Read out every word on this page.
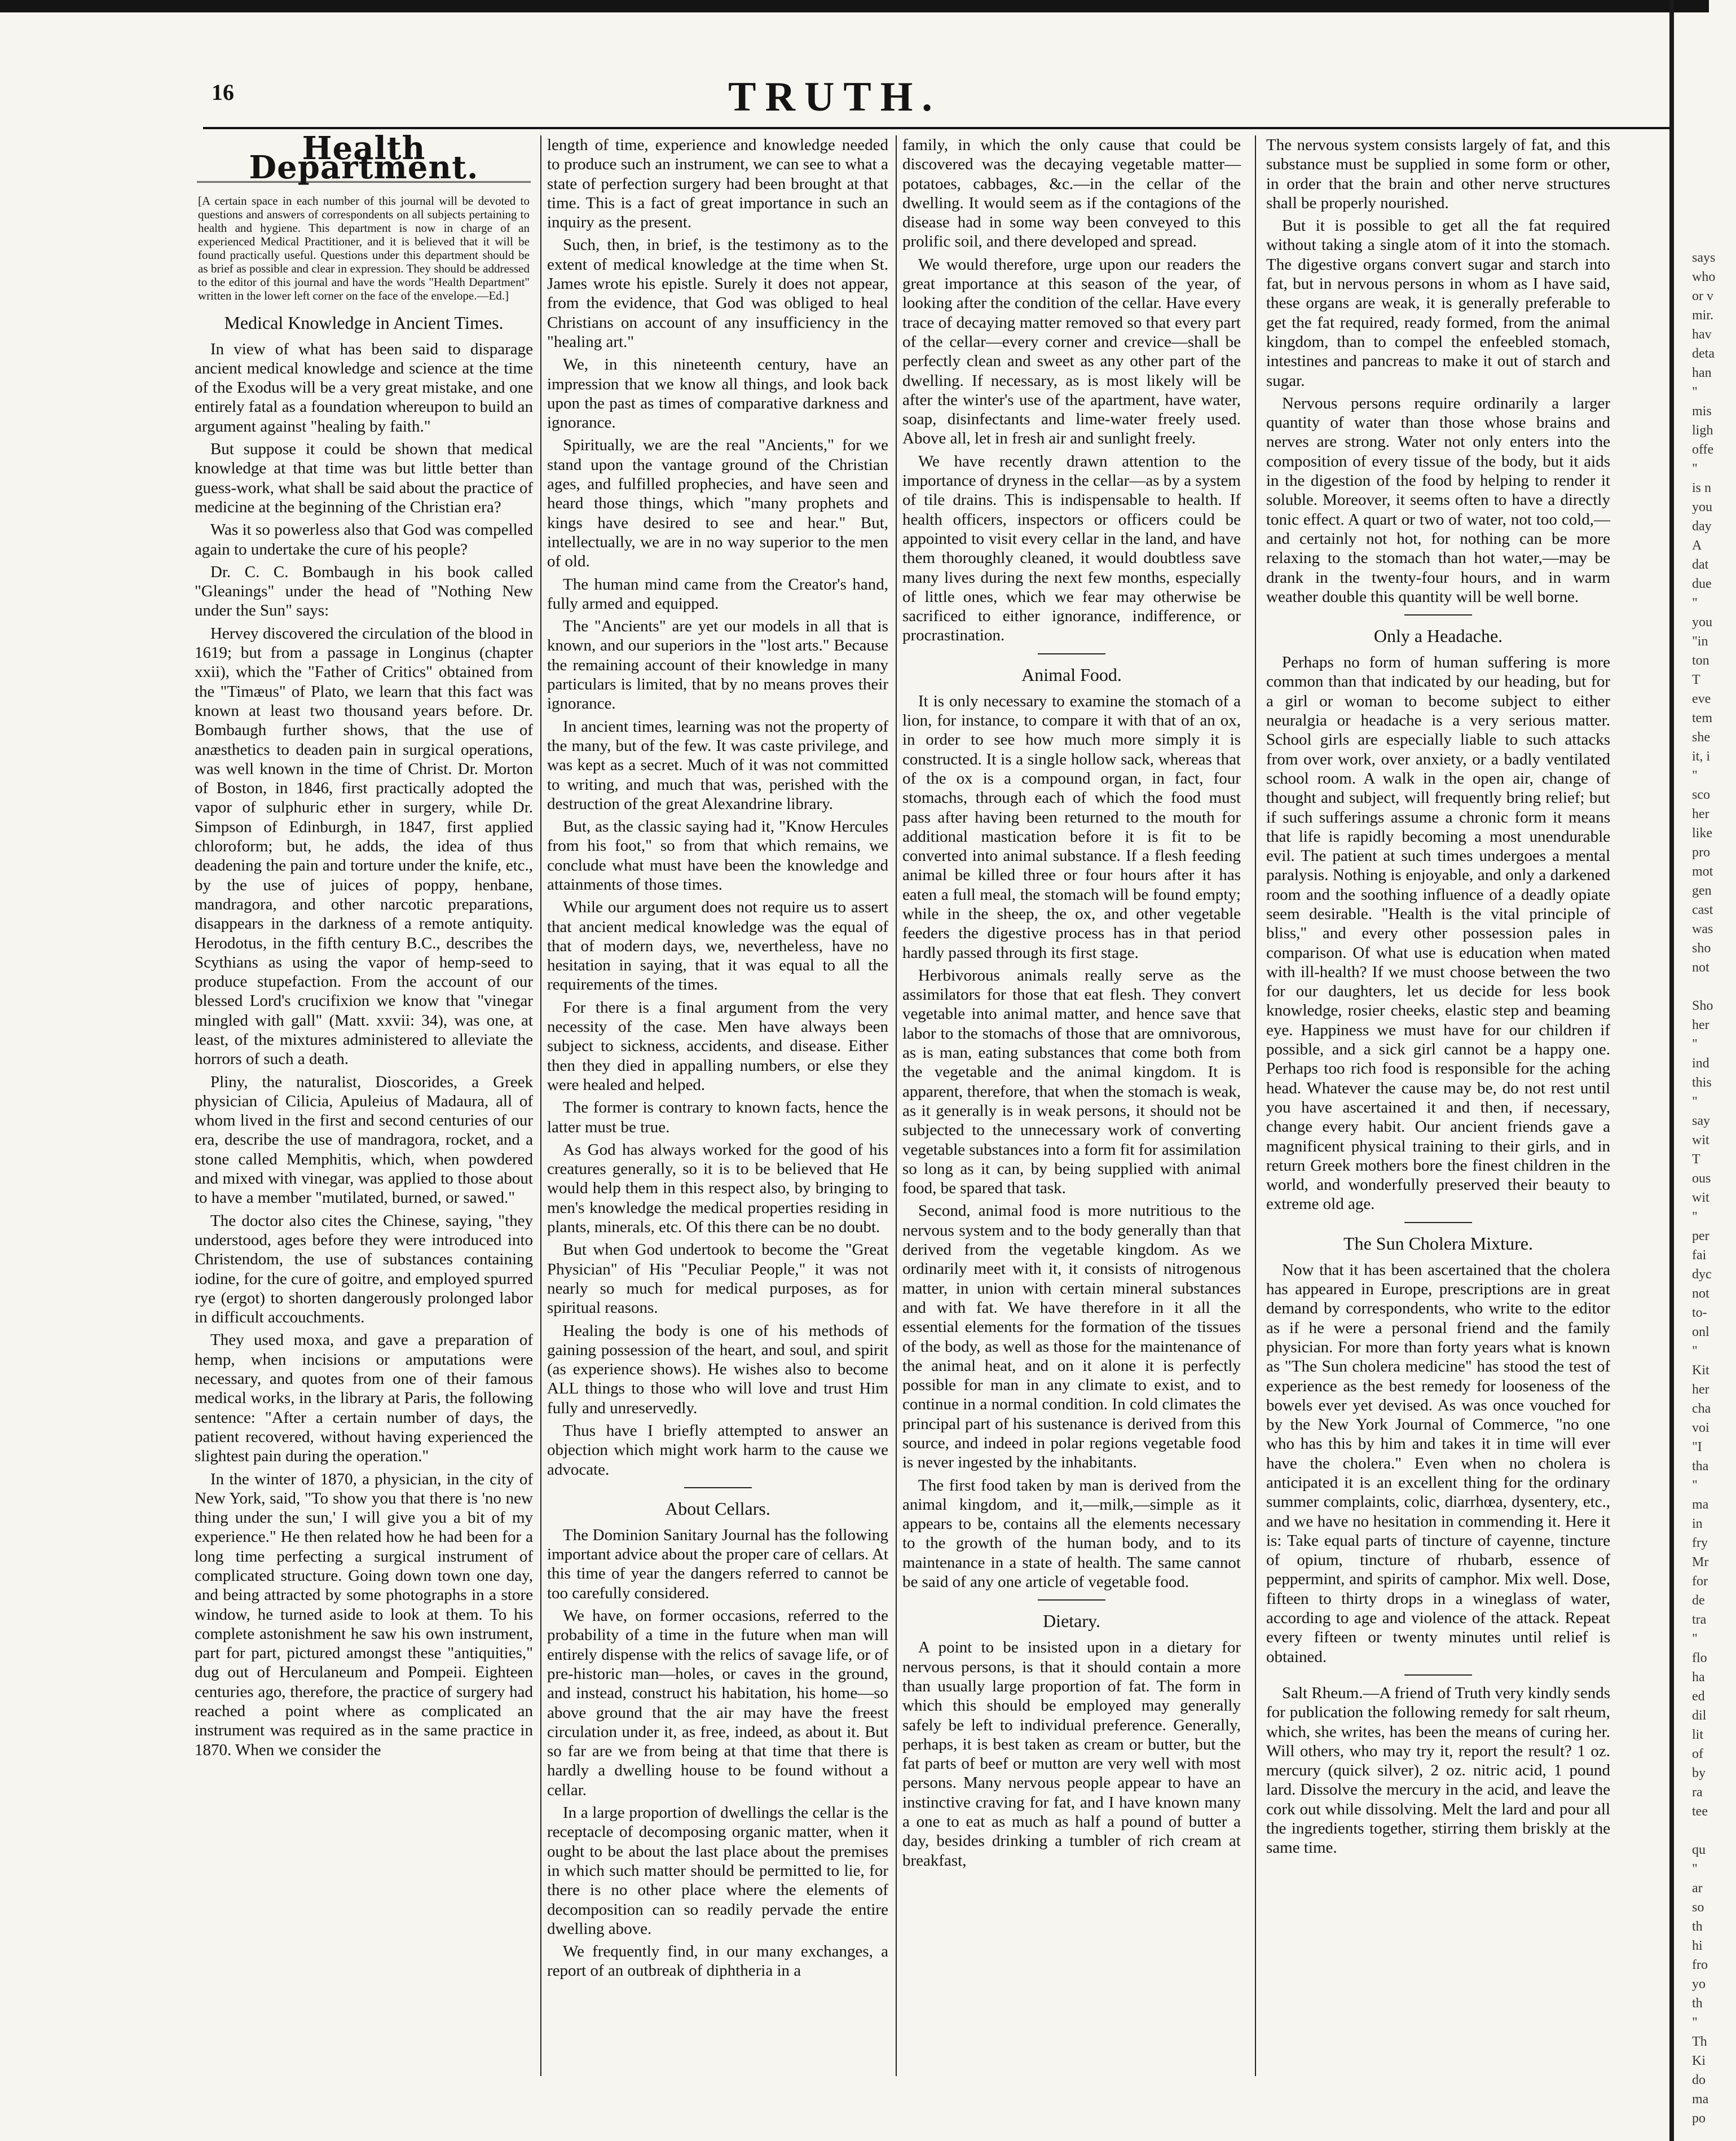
16	TRUTH.
Health Department.
[A certain space in each number of this journal will be devoted to questions and answers of correspondents on all subjects pertaining to health and hygiene. This department is now in charge of an experienced Medical Practitioner, and it is believed that it will be found practically useful. Questions under this department should be as brief as possible and clear in expression. They should be addressed to the editor of this journal and have the words "Health Department" written in the lower left corner on the face of the envelope.—Ed.]
Medical Knowledge in Ancient Times.

In view of what has been said to disparage ancient medical knowledge and science at the time of the Exodus will be a very great mistake, and one entirely fatal as a foundation whereupon to build an argument against "healing by faith."

But suppose it could be shown that medical knowledge at that time was but little better than guess-work, what shall be said about the practice of medicine at the beginning of the Christian era?

Was it so powerless also that God was compelled again to undertake the cure of his people?

Dr. C. C. Bombaugh in his book called "Gleanings" under the head of "Nothing New under the Sun" says:

Hervey discovered the circulation of the blood in 1619; but from a passage in Longinus (chapter xxii), which the "Father of Critics" obtained from the "Timæus" of Plato, we learn that this fact was known at least two thousand years before. Dr. Bombaugh further shows, that the use of anæsthetics to deaden pain in surgical operations, was well known in the time of Christ. Dr. Morton of Boston, in 1846, first practically adopted the vapor of sulphuric ether in surgery, while Dr. Simpson of Edinburgh, in 1847, first applied chloroform; but, he adds, the idea of thus deadening the pain and torture under the knife, etc., by the use of juices of poppy, henbane, mandragora, and other narcotic preparations, disappears in the darkness of a remote antiquity. Herodotus, in the fifth century B.C., describes the Scythians as using the vapor of hemp-seed to produce stupefaction. From the account of our blessed Lord's crucifixion we know that "vinegar mingled with gall" (Matt. xxvii: 34), was one, at least, of the mixtures administered to alleviate the horrors of such a death.

Pliny, the naturalist, Dioscorides, a Greek physician of Cilicia, Apuleius of Madaura, all of whom lived in the first and second centuries of our era, describe the use of mandragora, rocket, and a stone called Memphitis, which, when powdered and mixed with vinegar, was applied to those about to have a member "mutilated, burned, or sawed."

The doctor also cites the Chinese, saying, "they understood, ages before they were introduced into Christendom, the use of substances containing iodine, for the cure of goitre, and employed spurred rye (ergot) to shorten dangerously prolonged labor in difficult accouchments.

They used moxa, and gave a preparation of hemp, when incisions or amputations were necessary, and quotes from one of their famous medical works, in the library at Paris, the following sentence: "After a certain number of days, the patient recovered, without having experienced the slightest pain during the operation."

In the winter of 1870, a physician, in the city of New York, said, "To show you that there is 'no new thing under the sun,' I will give you a bit of my experience." He then related how he had been for a long time perfecting a surgical instrument of complicated structure. Going down town one day, and being attracted by some photographs in a store window, he turned aside to look at them. To his complete astonishment he saw his own instrument, part for part, pictured amongst these "antiquities," dug out of Herculaneum and Pompeii. Eighteen centuries ago, therefore, the practice of surgery had reached a point where as complicated an instrument was required as in the same practice in 1870. When we consider the

length of time, experience and knowledge needed to produce such an instrument, we can see to what a state of perfection surgery had been brought at that time. This is a fact of great importance in such an inquiry as the present.

Such, then, in brief, is the testimony as to the extent of medical knowledge at the time when St. James wrote his epistle. Surely it does not appear, from the evidence, that God was obliged to heal Christians on account of any insufficiency in the "healing art."

We, in this nineteenth century, have an impression that we know all things, and look back upon the past as times of comparative darkness and ignorance.

Spiritually, we are the real "Ancients," for we stand upon the vantage ground of the Christian ages, and fulfilled prophecies, and have seen and heard those things, which "many prophets and kings have desired to see and hear." But, intellectually, we are in no way superior to the men of old.

The human mind came from the Creator's hand, fully armed and equipped.

The "Ancients" are yet our models in all that is known, and our superiors in the "lost arts." Because the remaining account of their knowledge in many particulars is limited, that by no means proves their ignorance.

In ancient times, learning was not the property of the many, but of the few. It was caste privilege, and was kept as a secret. Much of it was not committed to writing, and much that was, perished with the destruction of the great Alexandrine library.

But, as the classic saying had it, "Know Hercules from his foot," so from that which remains, we conclude what must have been the knowledge and attainments of those times.

While our argument does not require us to assert that ancient medical knowledge was the equal of that of modern days, we, nevertheless, have no hesitation in saying, that it was equal to all the requirements of the times.

For there is a final argument from the very necessity of the case. Men have always been subject to sickness, accidents, and disease. Either then they died in appalling numbers, or else they were healed and helped.

The former is contrary to known facts, hence the latter must be true.

As God has always worked for the good of his creatures generally, so it is to be believed that He would help them in this respect also, by bringing to men's knowledge the medical properties residing in plants, minerals, etc. Of this there can be no doubt.

But when God undertook to become the "Great Physician" of His "Peculiar People," it was not nearly so much for medical purposes, as for spiritual reasons.

Healing the body is one of his methods of gaining possession of the heart, and soul, and spirit (as experience shows). He wishes also to become ALL things to those who will love and trust Him fully and unreservedly.

Thus have I briefly attempted to answer an objection which might work harm to the cause we advocate.

About Cellars.

The Dominion Sanitary Journal has the following important advice about the proper care of cellars. At this time of year the dangers referred to cannot be too carefully considered.

We have, on former occasions, referred to the probability of a time in the future when man will entirely dispense with the relics of savage life, or of pre-historic man—holes, or caves in the ground, and instead, construct his habitation, his home—so above ground that the air may have the freest circulation under it, as free, indeed, as about it. But so far are we from being at that time that there is hardly a dwelling house to be found without a cellar.

In a large proportion of dwellings the cellar is the receptacle of decomposing organic matter, when it ought to be about the last place about the premises in which such matter should be permitted to lie, for there is no other place where the elements of decomposition can so readily pervade the entire dwelling above.

We frequently find, in our many exchanges, a report of an outbreak of diphtheria in a

family, in which the only cause that could be discovered was the decaying vegetable matter—potatoes, cabbages, &c.—in the cellar of the dwelling. It would seem as if the contagions of the disease had in some way been conveyed to this prolific soil, and there developed and spread.

We would therefore, urge upon our readers the great importance at this season of the year, of looking after the condition of the cellar. Have every trace of decaying matter removed so that every part of the cellar—every corner and crevice—shall be perfectly clean and sweet as any other part of the dwelling. If necessary, as is most likely will be after the winter's use of the apartment, have water, soap, disinfectants and lime-water freely used. Above all, let in fresh air and sunlight freely.

We have recently drawn attention to the importance of dryness in the cellar—as by a system of tile drains. This is indispensable to health. If health officers, inspectors or officers could be appointed to visit every cellar in the land, and have them thoroughly cleaned, it would doubtless save many lives during the next few months, especially of little ones, which we fear may otherwise be sacrificed to either ignorance, indifference, or procrastination.

Animal Food.

It is only necessary to examine the stomach of a lion, for instance, to compare it with that of an ox, in order to see how much more simply it is constructed. It is a single hollow sack, whereas that of the ox is a compound organ, in fact, four stomachs, through each of which the food must pass after having been returned to the mouth for additional mastication before it is fit to be converted into animal substance. If a flesh feeding animal be killed three or four hours after it has eaten a full meal, the stomach will be found empty; while in the sheep, the ox, and other vegetable feeders the digestive process has in that period hardly passed through its first stage.

Herbivorous animals really serve as the assimilators for those that eat flesh. They convert vegetable into animal matter, and hence save that labor to the stomachs of those that are omnivorous, as is man, eating substances that come both from the vegetable and the animal kingdom. It is apparent, therefore, that when the stomach is weak, as it generally is in weak persons, it should not be subjected to the unnecessary work of converting vegetable substances into a form fit for assimilation so long as it can, by being supplied with animal food, be spared that task.

Second, animal food is more nutritious to the nervous system and to the body generally than that derived from the vegetable kingdom. As we ordinarily meet with it, it consists of nitrogenous matter, in union with certain mineral substances and with fat. We have therefore in it all the essential elements for the formation of the tissues of the body, as well as those for the maintenance of the animal heat, and on it alone it is perfectly possible for man in any climate to exist, and to continue in a normal condition. In cold climates the principal part of his sustenance is derived from this source, and indeed in polar regions vegetable food is never ingested by the inhabitants.

The first food taken by man is derived from the animal kingdom, and it,—milk,—simple as it appears to be, contains all the elements necessary to the growth of the human body, and to its maintenance in a state of health. The same cannot be said of any one article of vegetable food.

Dietary.

A point to be insisted upon in a dietary for nervous persons, is that it should contain a more than usually large proportion of fat. The form in which this should be employed may generally safely be left to individual preference. Generally, perhaps, it is best taken as cream or butter, but the fat parts of beef or mutton are very well with most persons. Many nervous people appear to have an instinctive craving for fat, and I have known many a one to eat as much as half a pound of butter a day, besides drinking a tumbler of rich cream at breakfast,

The nervous system consists largely of fat, and this substance must be supplied in some form or other, in order that the brain and other nerve structures shall be properly nourished.

But it is possible to get all the fat required without taking a single atom of it into the stomach. The digestive organs convert sugar and starch into fat, but in nervous persons in whom as I have said, these organs are weak, it is generally preferable to get the fat required, ready formed, from the animal kingdom, than to compel the enfeebled stomach, intestines and pancreas to make it out of starch and sugar.

Nervous persons require ordinarily a larger quantity of water than those whose brains and nerves are strong. Water not only enters into the composition of every tissue of the body, but it aids in the digestion of the food by helping to render it soluble. Moreover, it seems often to have a directly tonic effect. A quart or two of water, not too cold,—and certainly not hot, for nothing can be more relaxing to the stomach than hot water,—may be drank in the twenty-four hours, and in warm weather double this quantity will be well borne.

Only a Headache.

Perhaps no form of human suffering is more common than that indicated by our heading, but for a girl or woman to become subject to either neuralgia or headache is a very serious matter. School girls are especially liable to such attacks from over work, over anxiety, or a badly ventilated school room. A walk in the open air, change of thought and subject, will frequently bring relief; but if such sufferings assume a chronic form it means that life is rapidly becoming a most unendurable evil. The patient at such times undergoes a mental paralysis. Nothing is enjoyable, and only a darkened room and the soothing influence of a deadly opiate seem desirable. "Health is the vital principle of bliss," and every other possession pales in comparison. Of what use is education when mated with ill-health? If we must choose between the two for our daughters, let us decide for less book knowledge, rosier cheeks, elastic step and beaming eye. Happiness we must have for our children if possible, and a sick girl cannot be a happy one. Perhaps too rich food is responsible for the aching head. Whatever the cause may be, do not rest until you have ascertained it and then, if necessary, change every habit. Our ancient friends gave a magnificent physical training to their girls, and in return Greek mothers bore the finest children in the world, and wonderfully preserved their beauty to extreme old age.

The Sun Cholera Mixture.

Now that it has been ascertained that the cholera has appeared in Europe, prescriptions are in great demand by correspondents, who write to the editor as if he were a personal friend and the family physician. For more than forty years what is known as "The Sun cholera medicine" has stood the test of experience as the best remedy for looseness of the bowels ever yet devised. As was once vouched for by the New York Journal of Commerce, "no one who has this by him and takes it in time will ever have the cholera." Even when no cholera is anticipated it is an excellent thing for the ordinary summer complaints, colic, diarrhœa, dysentery, etc., and we have no hesitation in commending it. Here it is: Take equal parts of tincture of cayenne, tincture of opium, tincture of rhubarb, essence of peppermint, and spirits of camphor. Mix well. Dose, fifteen to thirty drops in a wineglass of water, according to age and violence of the attack. Repeat every fifteen or twenty minutes until relief is obtained.

Salt Rheum.—A friend of Truth very kindly sends for publication the following remedy for salt rheum, which, she writes, has been the means of curing her. Will others, who may try it, report the result? 1 oz. mercury (quick silver), 2 oz. nitric acid, 1 pound lard. Dissolve the mercury in the acid, and leave the cork out while dissolving. Melt the lard and pour all the ingredients together, stirring them briskly at the same time.

says
who
or v
mir.
hav
deta
han
"
mis
ligh
offe
"
is n
you
day
A
dat
due
"
you
"in
ton
T
eve
tem
she
it, i
"
sco
her
like
pro
mot
gen
cast
was
sho
not
Sho
her
"
ind
this
"
say
wit
T
ous
wit
"
per
fai
dyc
not
to-
onl
"
Kit
her
cha
voi
"I
tha
"
ma
in
fry
Mr
for
de
tra
"
flo
ha
ed
dil
lit
of
by
ra
tee
qu
"
ar
so
th
hi
fro
yo
th
"
Th
Ki
do
ma
po
